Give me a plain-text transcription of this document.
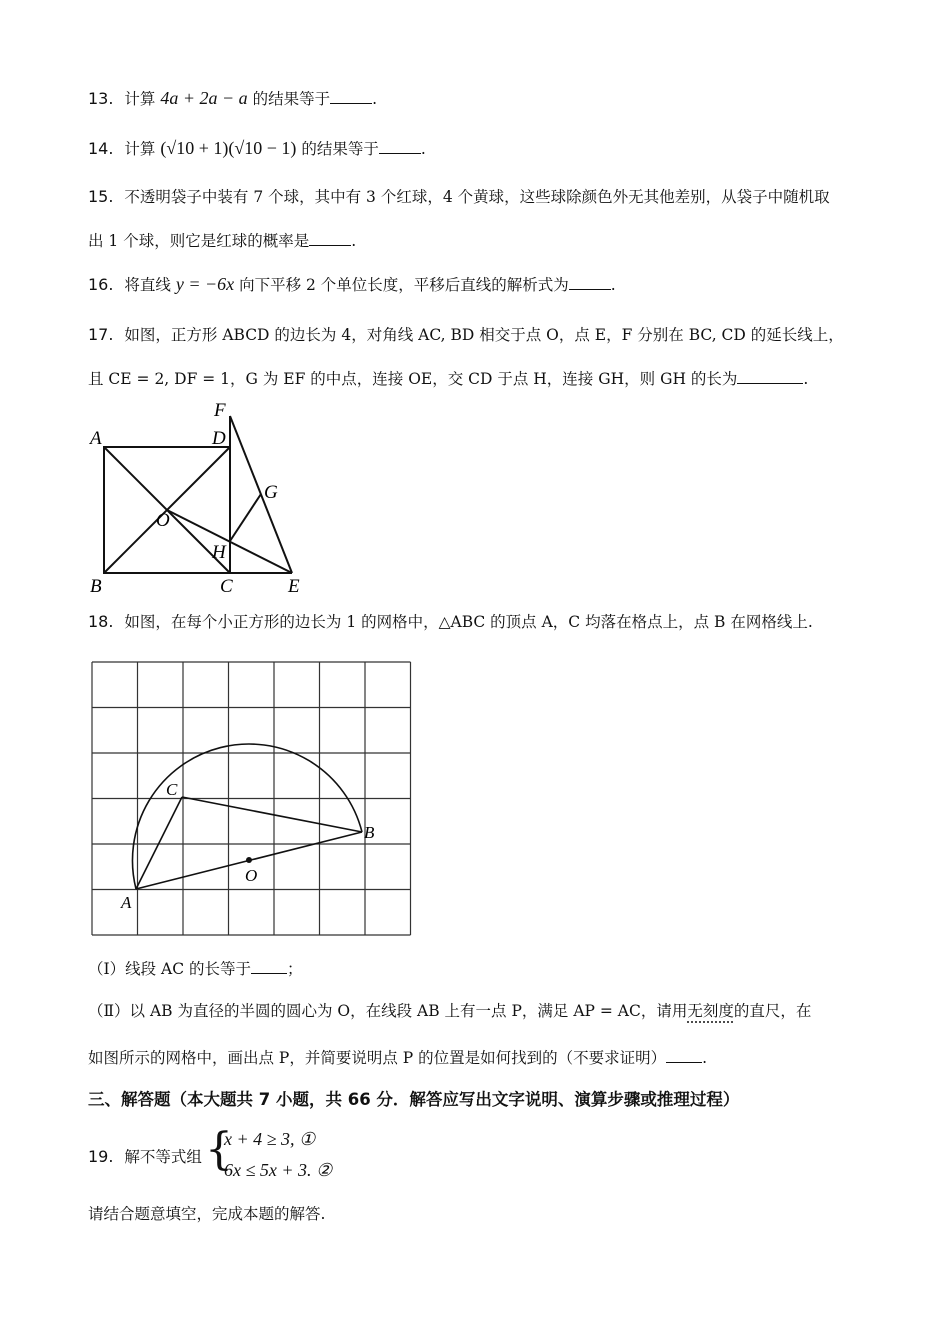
13. 计算 4a + 2a − a 的结果等于	.
14. 计算 (√10 + 1)(√10 − 1) 的结果等于	.
15. 不透明袋子中装有 7 个球，其中有 3 个红球，4 个黄球，这些球除颜色外无其他差别，从袋子中随机取
出 1 个球，则它是红球的概率是	.
16. 将直线 y = −6x 向下平移 2 个单位长度，平移后直线的解析式为	.
17. 如图，正方形 ABCD 的边长为 4，对角线 AC, BD 相交于点 O，点 E，F 分别在 BC, CD 的延长线上，
且 CE = 2, DF = 1，G 为 EF 的中点，连接 OE，交 CD 于点 H，连接 GH，则 GH 的长为	.
A	D
F
G
O
H
B	C	E
18. 如图，在每个小正方形的边长为 1 的网格中，△ABC 的顶点 A，C 均落在格点上，点 B 在网格线上.
C
B
O
A
（Ⅰ）线段 AC 的长等于 ；
（Ⅱ）以 AB 为直径的半圆的圆心为 O，在线段 AB 上有一点 P，满足 AP = AC，请用无刻度的直尺，在
如图所示的网格中，画出点 P，并简要说明点 P 的位置是如何找到的（不要求证明） .
三、解答题（本大题共 7 小题，共 66 分．解答应写出文字说明、演算步骤或推理过程）
19. 解不等式组 {
x + 4 ≥ 3, ①
6x ≤ 5x + 3. ②
请结合题意填空，完成本题的解答.
